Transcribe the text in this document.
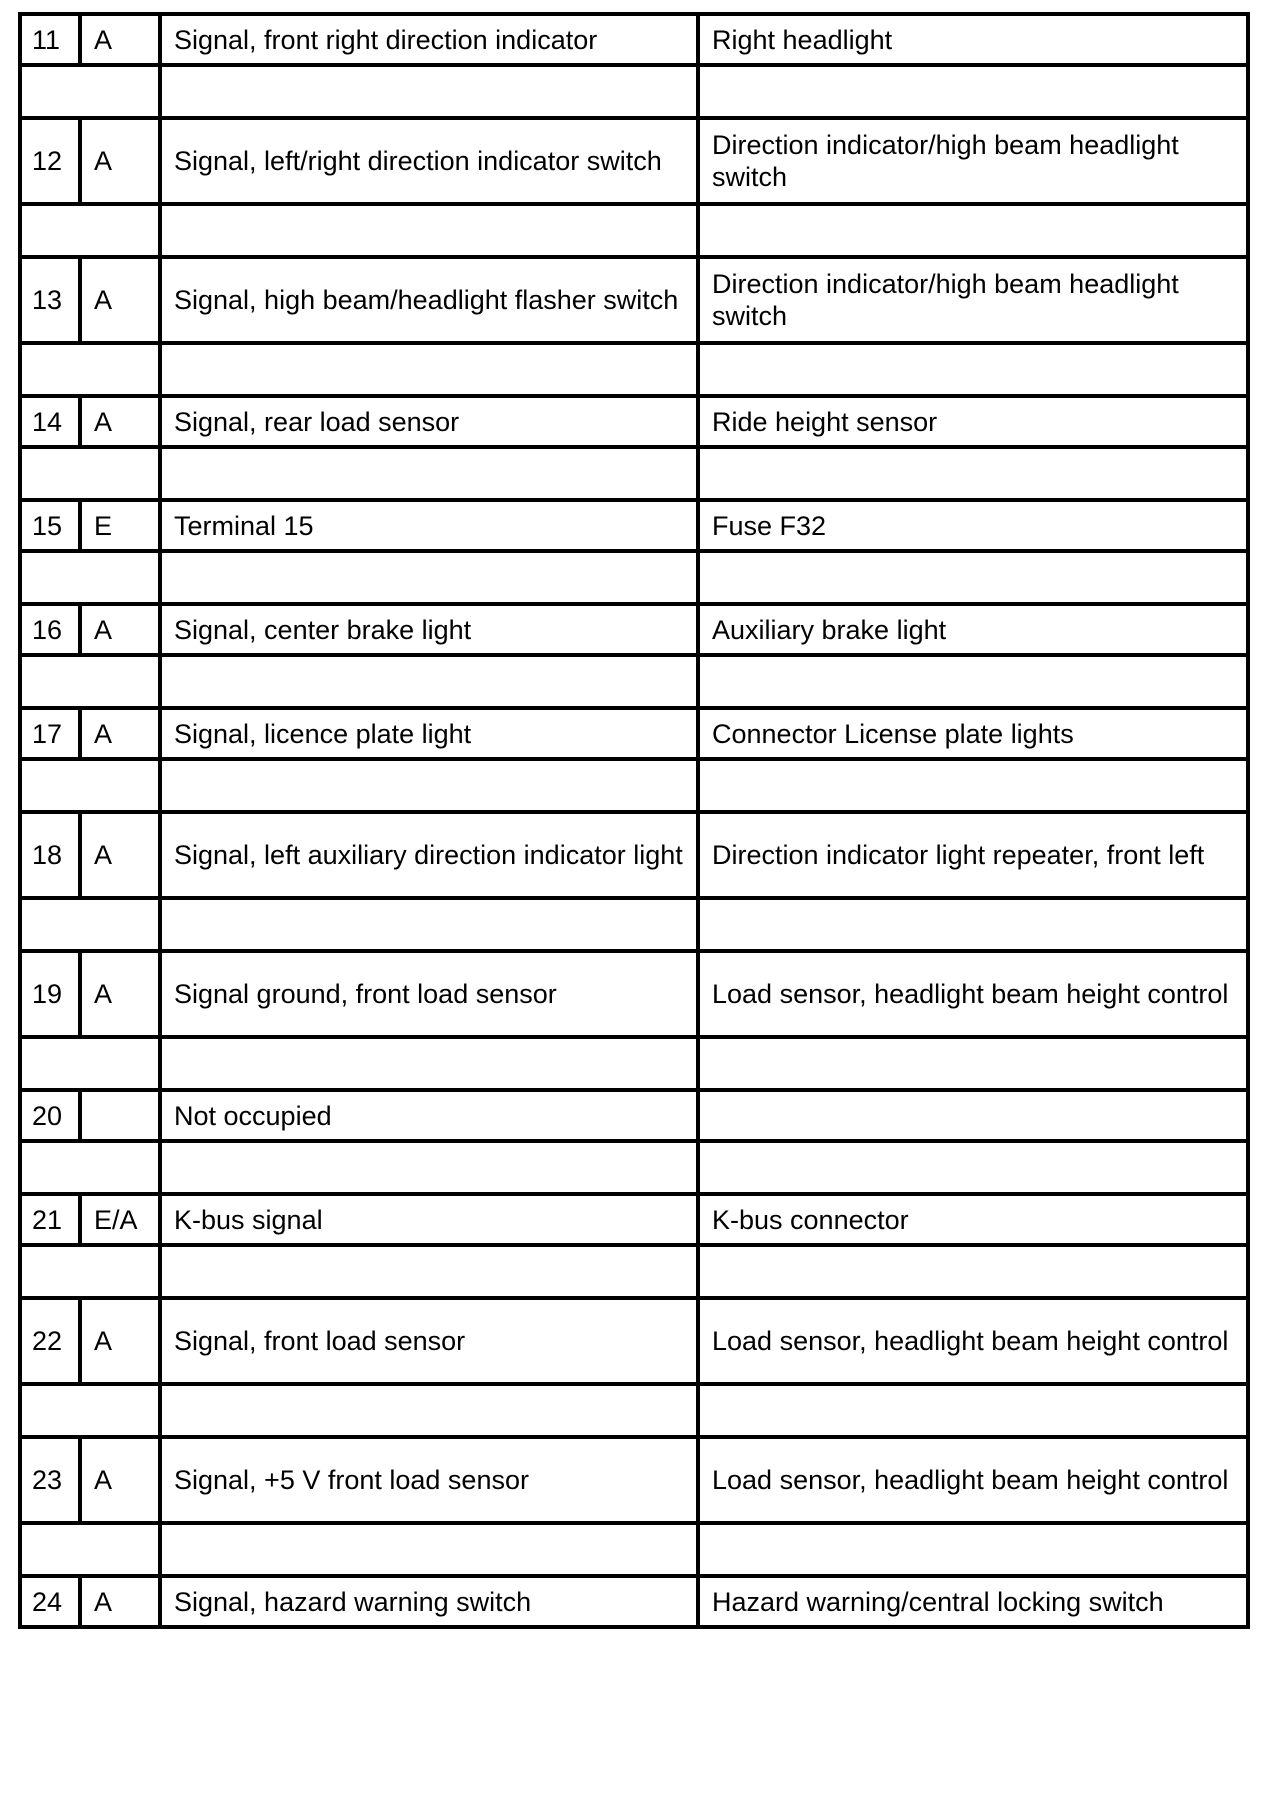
11	A	Signal, front right direction indicator	Right headlight

12	A	Signal, left/right direction indicator switch	Direction indicator/high beam headlight switch

13	A	Signal, high beam/headlight flasher switch	Direction indicator/high beam headlight switch

14	A	Signal, rear load sensor	Ride height sensor

15	E	Terminal 15	Fuse F32

16	A	Signal, center brake light	Auxiliary brake light

17	A	Signal, licence plate light	Connector License plate lights

18	A	Signal, left auxiliary direction indicator light	Direction indicator light repeater, front left

19	A	Signal ground, front load sensor	Load sensor, headlight beam height control

20		Not occupied	

21	E/A	K-bus signal	K-bus connector

22	A	Signal, front load sensor	Load sensor, headlight beam height control

23	A	Signal, +5 V front load sensor	Load sensor, headlight beam height control

24	A	Signal, hazard warning switch	Hazard warning/central locking switch
